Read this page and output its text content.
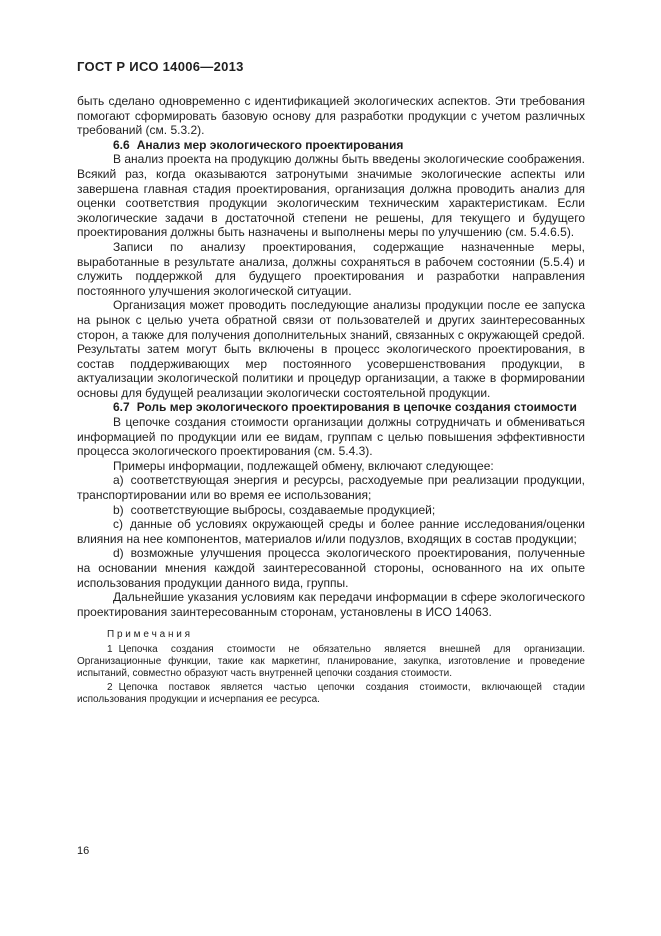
ГОСТ Р ИСО 14006—2013

быть сделано одновременно с идентификацией экологических аспектов. Эти требования помогают сформировать базовую основу для разработки продукции с учетом различных требований (см. 5.3.2).

6.6 Анализ мер экологического проектирования

В анализ проекта на продукцию должны быть введены экологические соображения. Всякий раз, когда оказываются затронутыми значимые экологические аспекты или завершена главная стадия проектирования, организация должна проводить анализ для оценки соответствия продукции экологическим техническим характеристикам. Если экологические задачи в достаточной степени не решены, для текущего и будущего проектирования должны быть назначены и выполнены меры по улучшению (см. 5.4.6.5).

Записи по анализу проектирования, содержащие назначенные меры, выработанные в результате анализа, должны сохраняться в рабочем состоянии (5.5.4) и служить поддержкой для будущего проектирования и разработки направления постоянного улучшения экологической ситуации.

Организация может проводить последующие анализы продукции после ее запуска на рынок с целью учета обратной связи от пользователей и других заинтересованных сторон, а также для получения дополнительных знаний, связанных с окружающей средой. Результаты затем могут быть включены в процесс экологического проектирования, в состав поддерживающих мер постоянного усовершенствования продукции, в актуализации экологической политики и процедур организации, а также в формировании основы для будущей реализации экологически состоятельной продукции.

6.7 Роль мер экологического проектирования в цепочке создания стоимости

В цепочке создания стоимости организации должны сотрудничать и обмениваться информацией по продукции или ее видам, группам с целью повышения эффективности процесса экологического проектирования (см. 5.4.3).

Примеры информации, подлежащей обмену, включают следующее:

a) соответствующая энергия и ресурсы, расходуемые при реализации продукции, транспортировании или во время ее использования;

b) соответствующие выбросы, создаваемые продукцией;

c) данные об условиях окружающей среды и более ранние исследования/оценки влияния на нее компонентов, материалов и/или подузлов, входящих в состав продукции;

d) возможные улучшения процесса экологического проектирования, полученные на основании мнения каждой заинтересованной стороны, основанного на их опыте использования продукции данного вида, группы.

Дальнейшие указания условиям как передачи информации в сфере экологического проектирования заинтересованным сторонам, установлены в ИСО 14063.

П р и м е ч а н и я

1 Цепочка создания стоимости не обязательно является внешней для организации. Организационные функции, такие как маркетинг, планирование, закупка, изготовление и проведение испытаний, совместно образуют часть внутренней цепочки создания стоимости.

2 Цепочка поставок является частью цепочки создания стоимости, включающей стадии использования продукции и исчерпания ее ресурса.

16
